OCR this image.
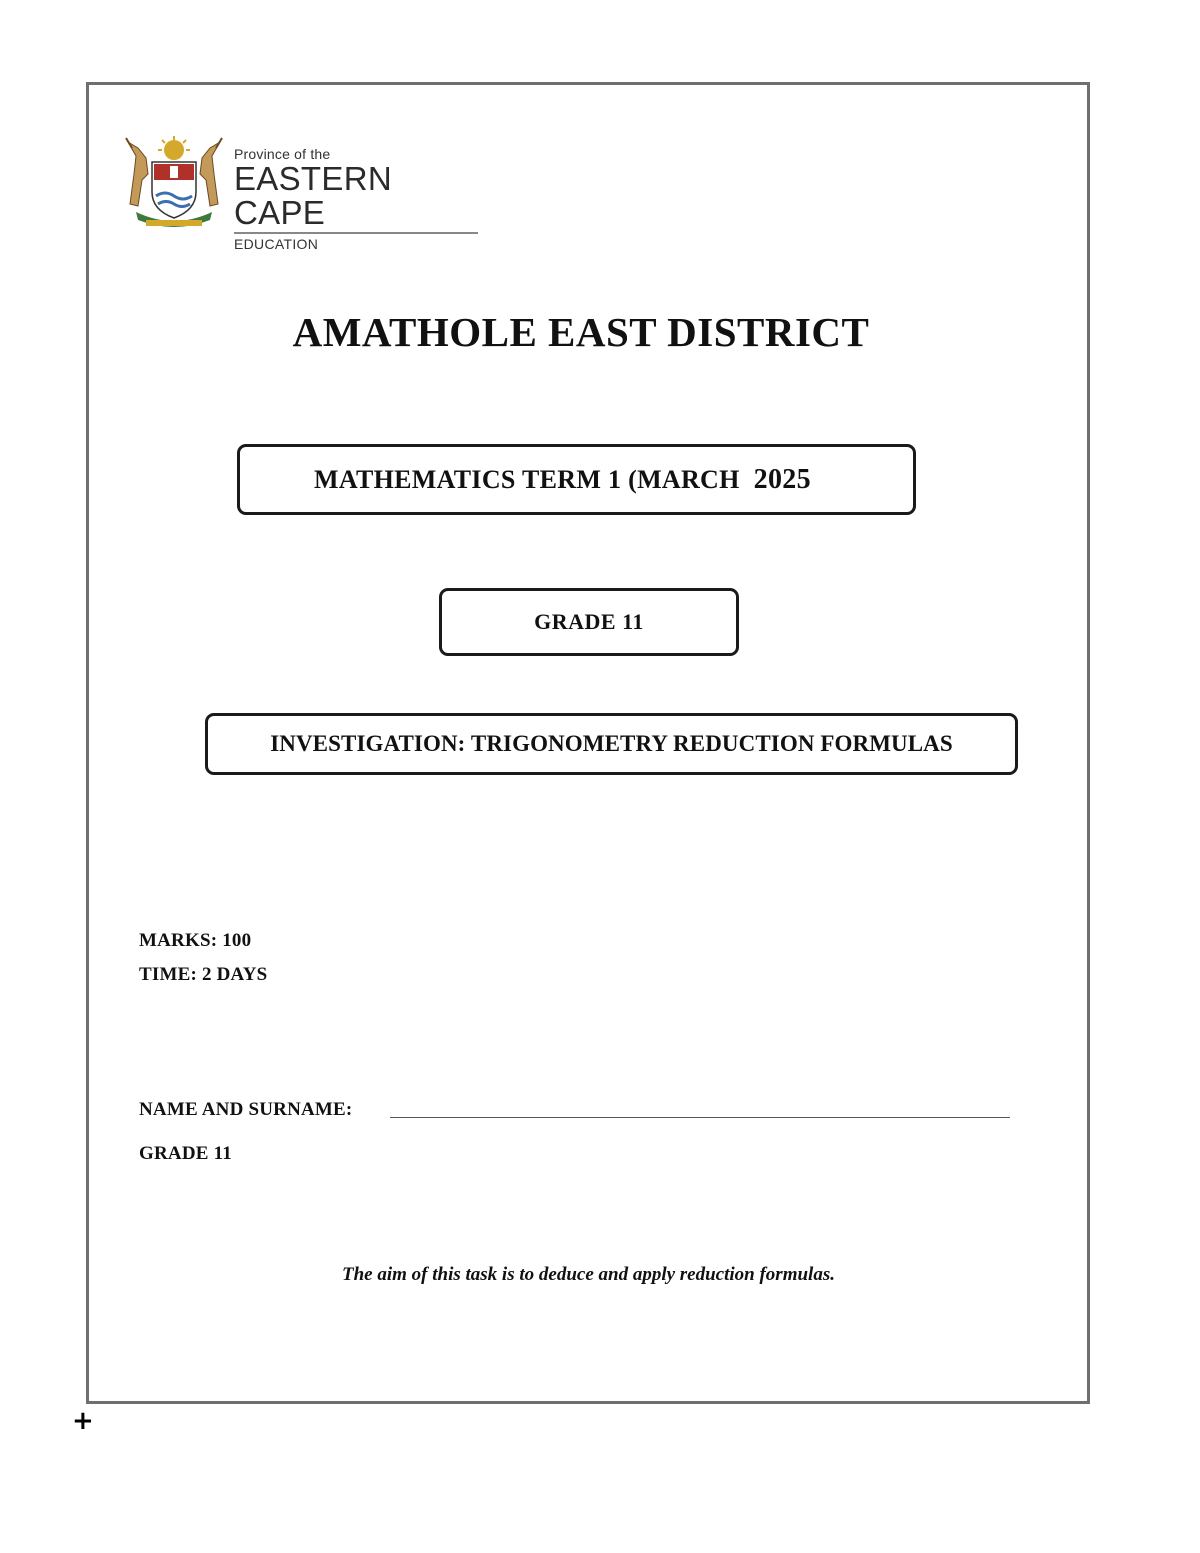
Province of the
EASTERN CAPE
EDUCATION
AMATHOLE EAST DISTRICT
MATHEMATICS TERM 1 (MARCH 2025
GRADE 11
INVESTIGATION: TRIGONOMETRY REDUCTION FORMULAS
MARKS: 100
TIME: 2 DAYS
NAME AND SURNAME:
GRADE 11
The aim of this task is to deduce and apply reduction formulas.
+
